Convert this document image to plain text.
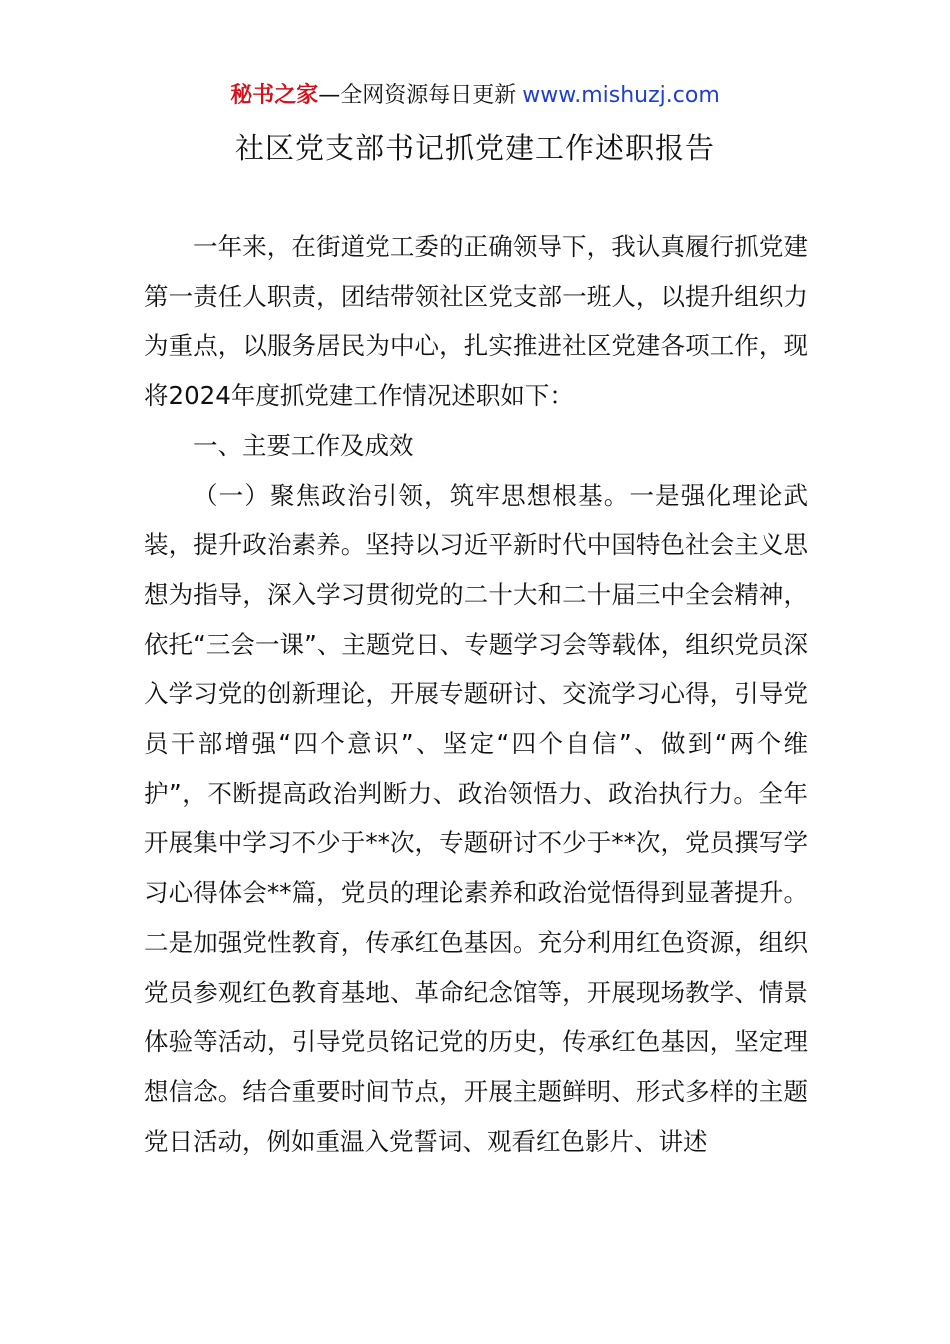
秘书之家—全网资源每日更新 www.mishuzj.com
社区党支部书记抓党建工作述职报告

一年来，在街道党工委的正确领导下，我认真履行抓党建第一责任人职责，团结带领社区党支部一班人，以提升组织力为重点，以服务居民为中心，扎实推进社区党建各项工作，现将2024年度抓党建工作情况述职如下：

一、主要工作及成效

（一）聚焦政治引领，筑牢思想根基。一是强化理论武装，提升政治素养。坚持以习近平新时代中国特色社会主义思想为指导，深入学习贯彻党的二十大和二十届三中全会精神，依托“三会一课”、主题党日、专题学习会等载体，组织党员深入学习党的创新理论，开展专题研讨、交流学习心得，引导党员干部增强“四个意识”、坚定“四个自信”、做到“两个维护”，不断提高政治判断力、政治领悟力、政治执行力。全年开展集中学习不少于**次，专题研讨不少于**次，党员撰写学习心得体会**篇，党员的理论素养和政治觉悟得到显著提升。二是加强党性教育，传承红色基因。充分利用红色资源，组织党员参观红色教育基地、革命纪念馆等，开展现场教学、情景体验等活动，引导党员铭记党的历史，传承红色基因，坚定理想信念。结合重要时间节点，开展主题鲜明、形式多样的主题党日活动，例如重温入党誓词、观看红色影片、讲述
